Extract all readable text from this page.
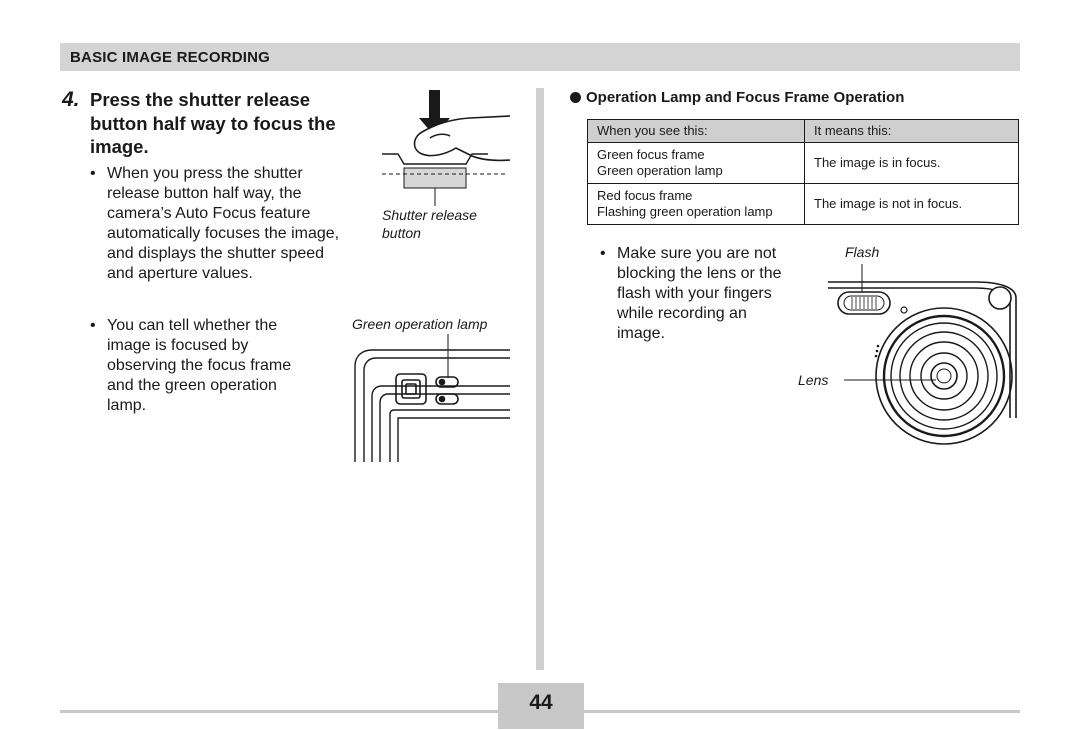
BASIC IMAGE RECORDING
4. Press the shutter release
button half way to focus the
image.
• When you press the shutter
release button half way, the
camera’s Auto Focus feature
automatically focuses the image,
and displays the shutter speed
and aperture values.
• You can tell whether the
image is focused by
observing the focus frame
and the green operation
lamp.
Shutter release
button
Green operation lamp
Operation Lamp and Focus Frame Operation
When you see this:	It means this:

Green focus frame
Green operation lamp	The image is in focus.

Red focus frame
Flashing green operation lamp	The image is not in focus.
• Make sure you are not
blocking the lens or the
flash with your fingers
while recording an
image.
Flash
Lens
44
